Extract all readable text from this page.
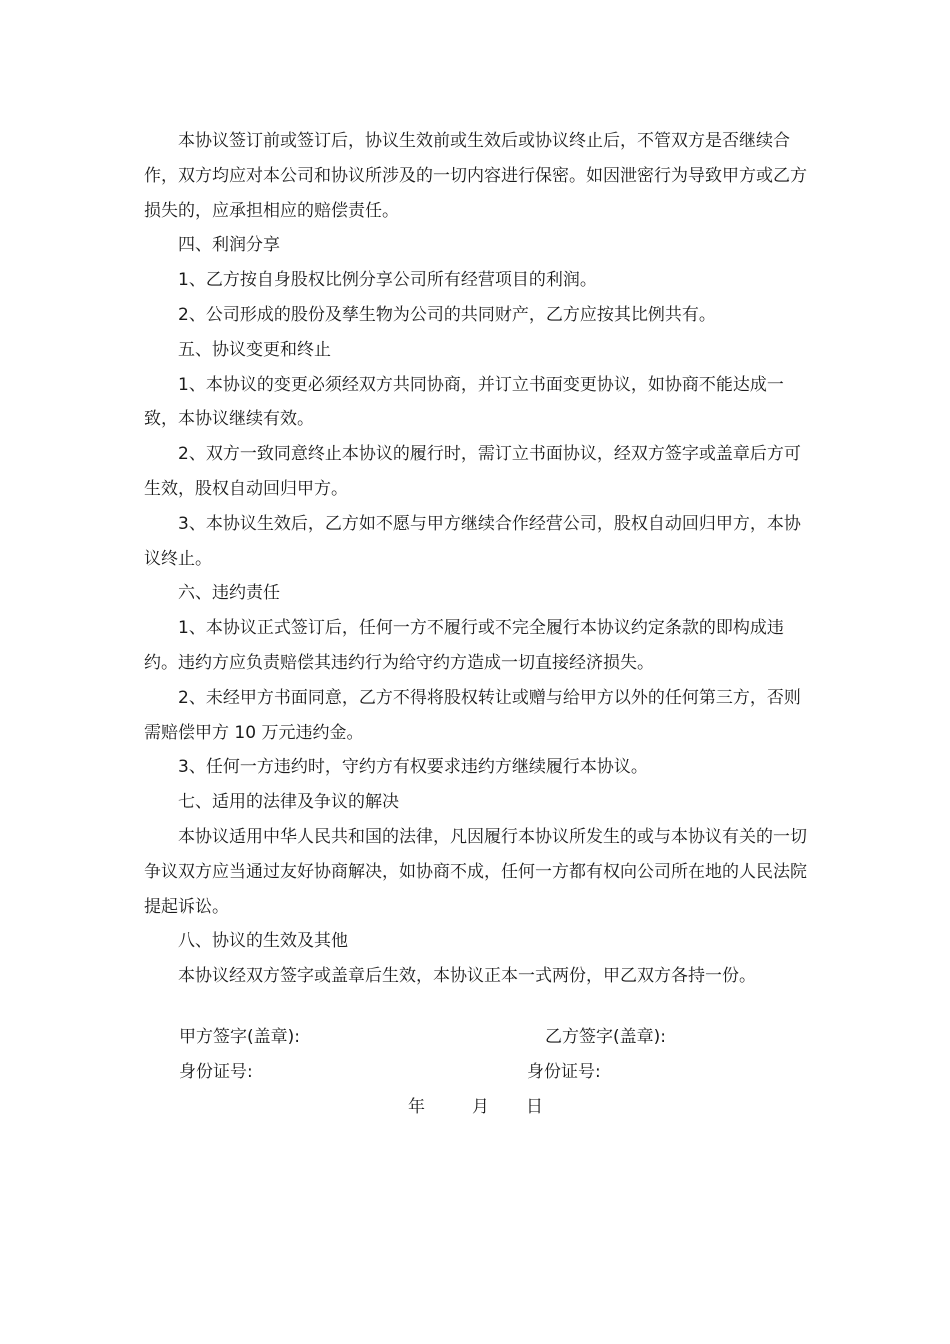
本协议签订前或签订后，协议生效前或生效后或协议终止后，不管双方是否继续合作，双方均应对本公司和协议所涉及的一切内容进行保密。如因泄密行为导致甲方或乙方损失的，应承担相应的赔偿责任。

四、利润分享

1、乙方按自身股权比例分享公司所有经营项目的利润。

2、公司形成的股份及孳生物为公司的共同财产，乙方应按其比例共有。

五、协议变更和终止

1、本协议的变更必须经双方共同协商，并订立书面变更协议，如协商不能达成一致，本协议继续有效。

2、双方一致同意终止本协议的履行时，需订立书面协议，经双方签字或盖章后方可生效，股权自动回归甲方。

3、本协议生效后，乙方如不愿与甲方继续合作经营公司，股权自动回归甲方，本协议终止。

六、违约责任

1、本协议正式签订后，任何一方不履行或不完全履行本协议约定条款的即构成违约。违约方应负责赔偿其违约行为给守约方造成一切直接经济损失。

2、未经甲方书面同意，乙方不得将股权转让或赠与给甲方以外的任何第三方，否则需赔偿甲方 10 万元违约金。

3、任何一方违约时，守约方有权要求违约方继续履行本协议。

七、适用的法律及争议的解决

本协议适用中华人民共和国的法律，凡因履行本协议所发生的或与本协议有关的一切争议双方应当通过友好协商解决，如协商不成，任何一方都有权向公司所在地的人民法院提起诉讼。

八、协议的生效及其他

本协议经双方签字或盖章后生效，本协议正本一式两份，甲乙双方各持一份。

甲方签字(盖章):	乙方签字(盖章):
身份证号:	身份证号:
年	月 日
